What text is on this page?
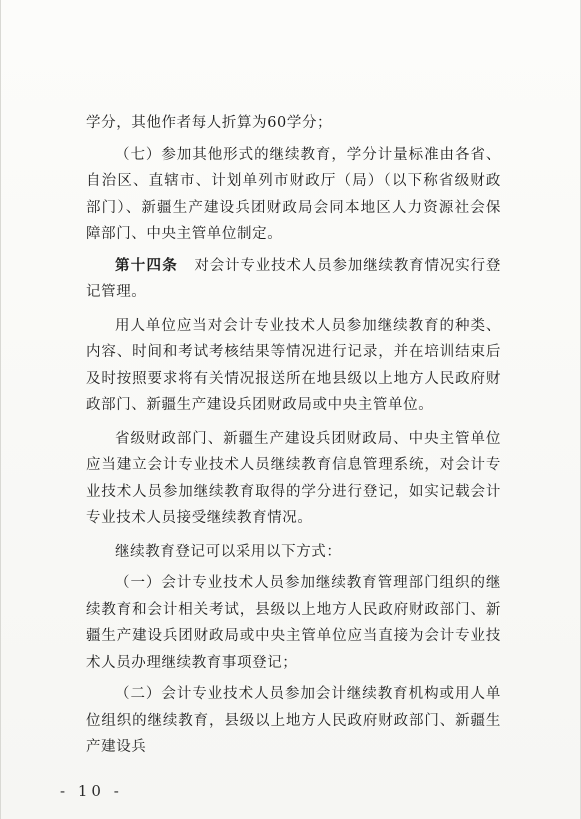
学分，其他作者每人折算为60学分；

（七）参加其他形式的继续教育，学分计量标准由各省、自治区、直辖市、计划单列市财政厅（局）（以下称省级财政部门）、新疆生产建设兵团财政局会同本地区人力资源社会保障部门、中央主管单位制定。

第十四条 对会计专业技术人员参加继续教育情况实行登记管理。

用人单位应当对会计专业技术人员参加继续教育的种类、内容、时间和考试考核结果等情况进行记录，并在培训结束后及时按照要求将有关情况报送所在地县级以上地方人民政府财政部门、新疆生产建设兵团财政局或中央主管单位。

省级财政部门、新疆生产建设兵团财政局、中央主管单位应当建立会计专业技术人员继续教育信息管理系统，对会计专业技术人员参加继续教育取得的学分进行登记，如实记载会计专业技术人员接受继续教育情况。

继续教育登记可以采用以下方式：

（一）会计专业技术人员参加继续教育管理部门组织的继续教育和会计相关考试，县级以上地方人民政府财政部门、新疆生产建设兵团财政局或中央主管单位应当直接为会计专业技术人员办理继续教育事项登记；

（二）会计专业技术人员参加会计继续教育机构或用人单位组织的继续教育，县级以上地方人民政府财政部门、新疆生产建设兵

- 10 -
